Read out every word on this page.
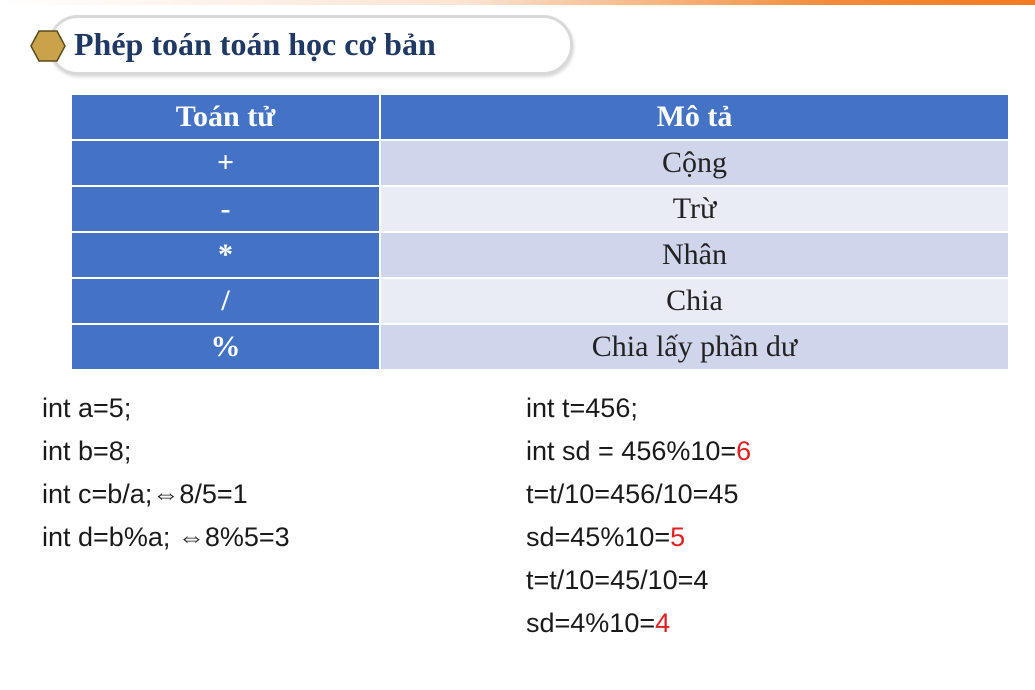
Phép toán toán học cơ bản
Toán tử	Mô tả
+	Cộng
-	Trừ
*	Nhân
/	Chia
%	Chia lấy phần dư
int a=5;
int b=8;
int c=b/a;⇔8/5=1
int d=b%a; ⇔8%5=3
int t=456;
int sd = 456%10=6
t=t/10=456/10=45
sd=45%10=5
t=t/10=45/10=4
sd=4%10=4
